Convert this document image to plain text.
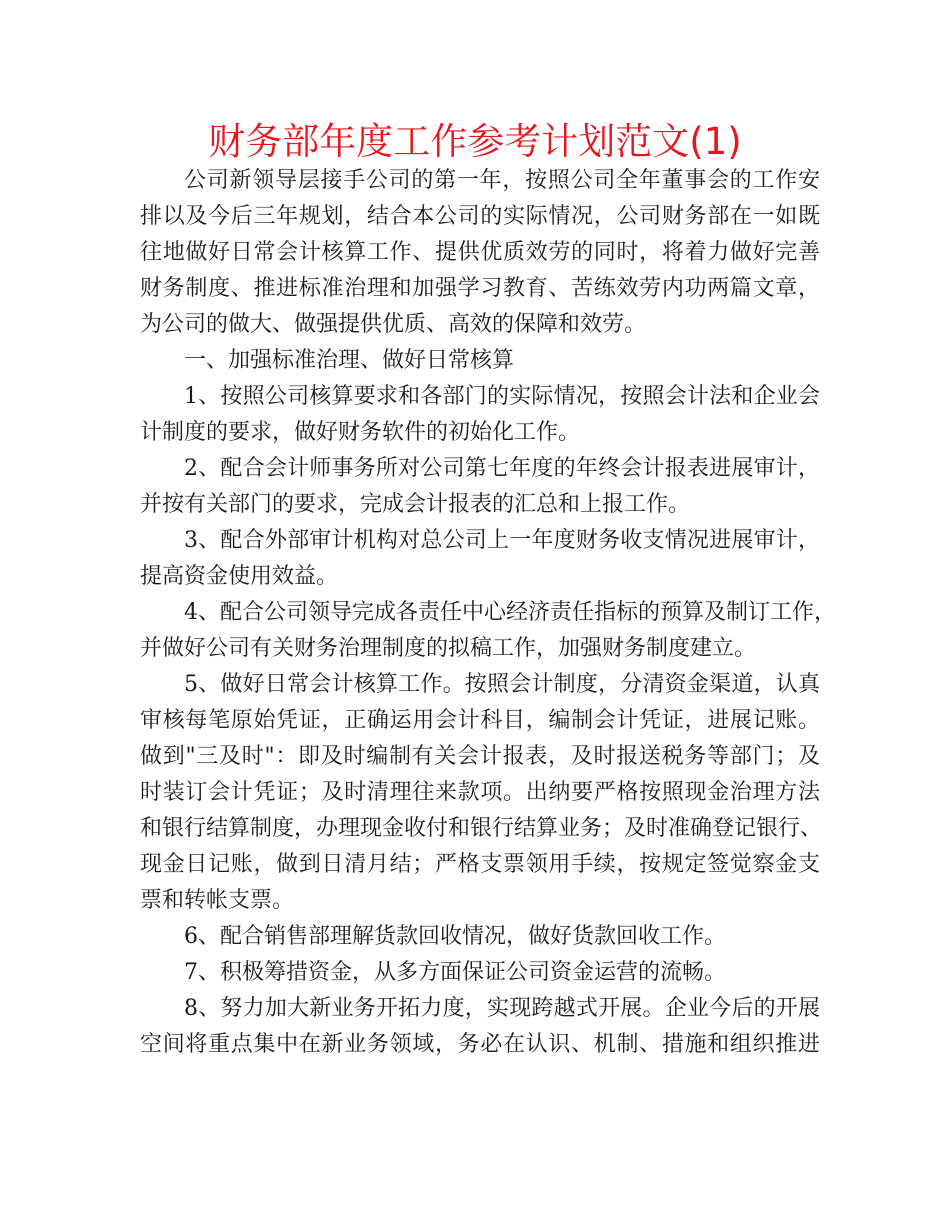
财务部年度工作参考计划范文(1)
公司新领导层接手公司的第一年，按照公司全年董事会的工作安
排以及今后三年规划，结合本公司的实际情况，公司财务部在一如既
往地做好日常会计核算工作、提供优质效劳的同时，将着力做好完善
财务制度、推进标准治理和加强学习教育、苦练效劳内功两篇文章，
为公司的做大、做强提供优质、高效的保障和效劳。
一、加强标准治理、做好日常核算
1、按照公司核算要求和各部门的实际情况，按照会计法和企业会
计制度的要求，做好财务软件的初始化工作。
2、配合会计师事务所对公司第七年度的年终会计报表进展审计，
并按有关部门的要求，完成会计报表的汇总和上报工作。
3、配合外部审计机构对总公司上一年度财务收支情况进展审计，
提高资金使用效益。
4、配合公司领导完成各责任中心经济责任指标的预算及制订工作，
并做好公司有关财务治理制度的拟稿工作，加强财务制度建立。
5、做好日常会计核算工作。按照会计制度，分清资金渠道，认真
审核每笔原始凭证，正确运用会计科目，编制会计凭证，进展记账。
做到"三及时"：即及时编制有关会计报表，及时报送税务等部门；及
时装订会计凭证；及时清理往来款项。出纳要严格按照现金治理方法
和银行结算制度，办理现金收付和银行结算业务；及时准确登记银行、
现金日记账，做到日清月结；严格支票领用手续，按规定签觉察金支
票和转帐支票。
6、配合销售部理解货款回收情况，做好货款回收工作。
7、积极筹措资金，从多方面保证公司资金运营的流畅。
8、努力加大新业务开拓力度，实现跨越式开展。企业今后的开展
空间将重点集中在新业务领域，务必在认识、机制、措施和组织推进
